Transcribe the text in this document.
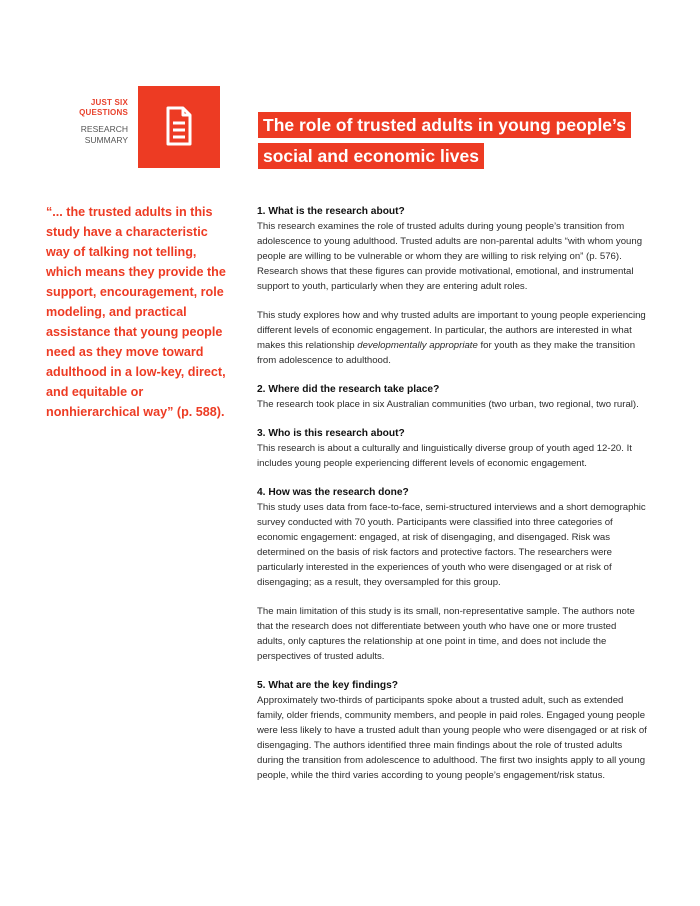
JUST SIX
QUESTIONS
RESEARCH
SUMMARY
The role of trusted adults in young people’s
social and economic lives
“... the trusted adults in this study have a characteristic way of talking not telling, which means they provide the support, encouragement, role modeling, and practical assistance that young people need as they move toward adulthood in a low-key, direct, and equitable or nonhierarchical way” (p. 588).
1. What is the research about?

This research examines the role of trusted adults during young people’s transition from adolescence to young adulthood. Trusted adults are non-parental adults “with whom young people are willing to be vulnerable or whom they are willing to risk relying on” (p. 576). Research shows that these figures can provide motivational, emotional, and instrumental support to youth, particularly when they are entering adult roles.

This study explores how and why trusted adults are important to young people experiencing different levels of economic engagement. In particular, the authors are interested in what makes this relationship developmentally appropriate for youth as they make the transition from adolescence to adulthood.

2. Where did the research take place?

The research took place in six Australian communities (two urban, two regional, two rural).

3. Who is this research about?

This research is about a culturally and linguistically diverse group of youth aged 12-20. It includes young people experiencing different levels of economic engagement.

4. How was the research done?

This study uses data from face-to-face, semi-structured interviews and a short demographic survey conducted with 70 youth. Participants were classified into three categories of economic engagement: engaged, at risk of disengaging, and disengaged. Risk was determined on the basis of risk factors and protective factors. The researchers were particularly interested in the experiences of youth who were disengaged or at risk of disengaging; as a result, they oversampled for this group.

The main limitation of this study is its small, non-representative sample. The authors note that the research does not differentiate between youth who have one or more trusted adults, only captures the relationship at one point in time, and does not include the perspectives of trusted adults.

5. What are the key findings?

Approximately two-thirds of participants spoke about a trusted adult, such as extended family, older friends, community members, and people in paid roles. Engaged young people were less likely to have a trusted adult than young people who were disengaged or at risk of disengaging. The authors identified three main findings about the role of trusted adults during the transition from adolescence to adulthood. The first two insights apply to all young people, while the third varies according to young people’s engagement/risk status.
